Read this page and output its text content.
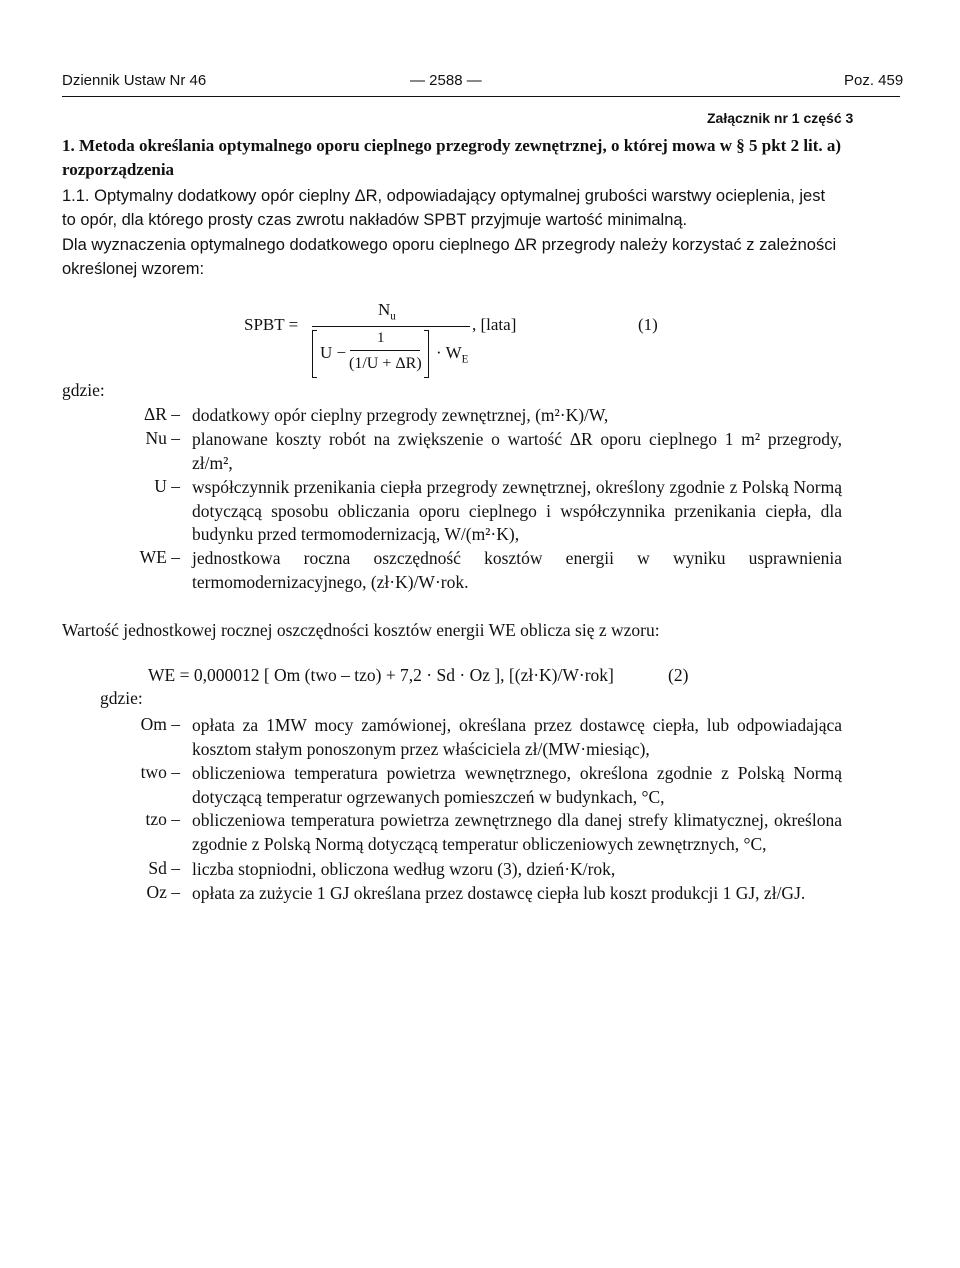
Dziennik Ustaw Nr 46	— 2588 —	Poz. 459
Załącznik nr 1 część 3
1. Metoda określania optymalnego oporu cieplnego przegrody zewnętrznej, o której mowa w § 5 pkt 2 lit. a)
rozporządzenia
1.1. Optymalny dodatkowy opór cieplny ΔR, odpowiadający optymalnej grubości warstwy ocieplenia, jest
to opór, dla którego prosty czas zwrotu nakładów SPBT przyjmuje wartość minimalną.
Dla wyznaczenia optymalnego dodatkowego oporu cieplnego ΔR przegrody należy korzystać z zależności
określonej wzorem:
SPBT =
$N_u$
U −
1
(1/U + ΔR)
· $W_E$
, [lata]	(1)
gdzie:
ΔR – dodatkowy opór cieplny przegrody zewnętrznej, (m²·K)/W,
Nu – planowane koszty robót na zwiększenie o wartość ΔR oporu cieplnego 1 m² przegrody, zł/m²,
U – współczynnik przenikania ciepła przegrody zewnętrznej, określony zgodnie z Polską Normą dotyczącą sposobu obliczania oporu cieplnego i współczynnika przenikania ciepła, dla budynku przed termomodernizacją, W/(m²·K),
WE – jednostkowa roczna oszczędność kosztów energii w wyniku usprawnienia termomodernizacyjnego, (zł·K)/W·rok.
Wartość jednostkowej rocznej oszczędności kosztów energii WE oblicza się z wzoru:
WE = 0,000012 [ Om (two – tzo) + 7,2 · Sd · Oz ], [(zł·K)/W·rok]	(2)
gdzie:
Om – opłata za 1MW mocy zamówionej, określana przez dostawcę ciepła, lub odpowiadająca kosztom stałym ponoszonym przez właściciela zł/(MW·miesiąc),
two – obliczeniowa temperatura powietrza wewnętrznego, określona zgodnie z Polską Normą dotyczącą temperatur ogrzewanych pomieszczeń w budynkach, °C,
tzo – obliczeniowa temperatura powietrza zewnętrznego dla danej strefy klimatycznej, określona zgodnie z Polską Normą dotyczącą temperatur obliczeniowych zewnętrznych, °C,
Sd – liczba stopniodni, obliczona według wzoru (3), dzień·K/rok,
Oz – opłata za zużycie 1 GJ określana przez dostawcę ciepła lub koszt produkcji 1 GJ, zł/GJ.
